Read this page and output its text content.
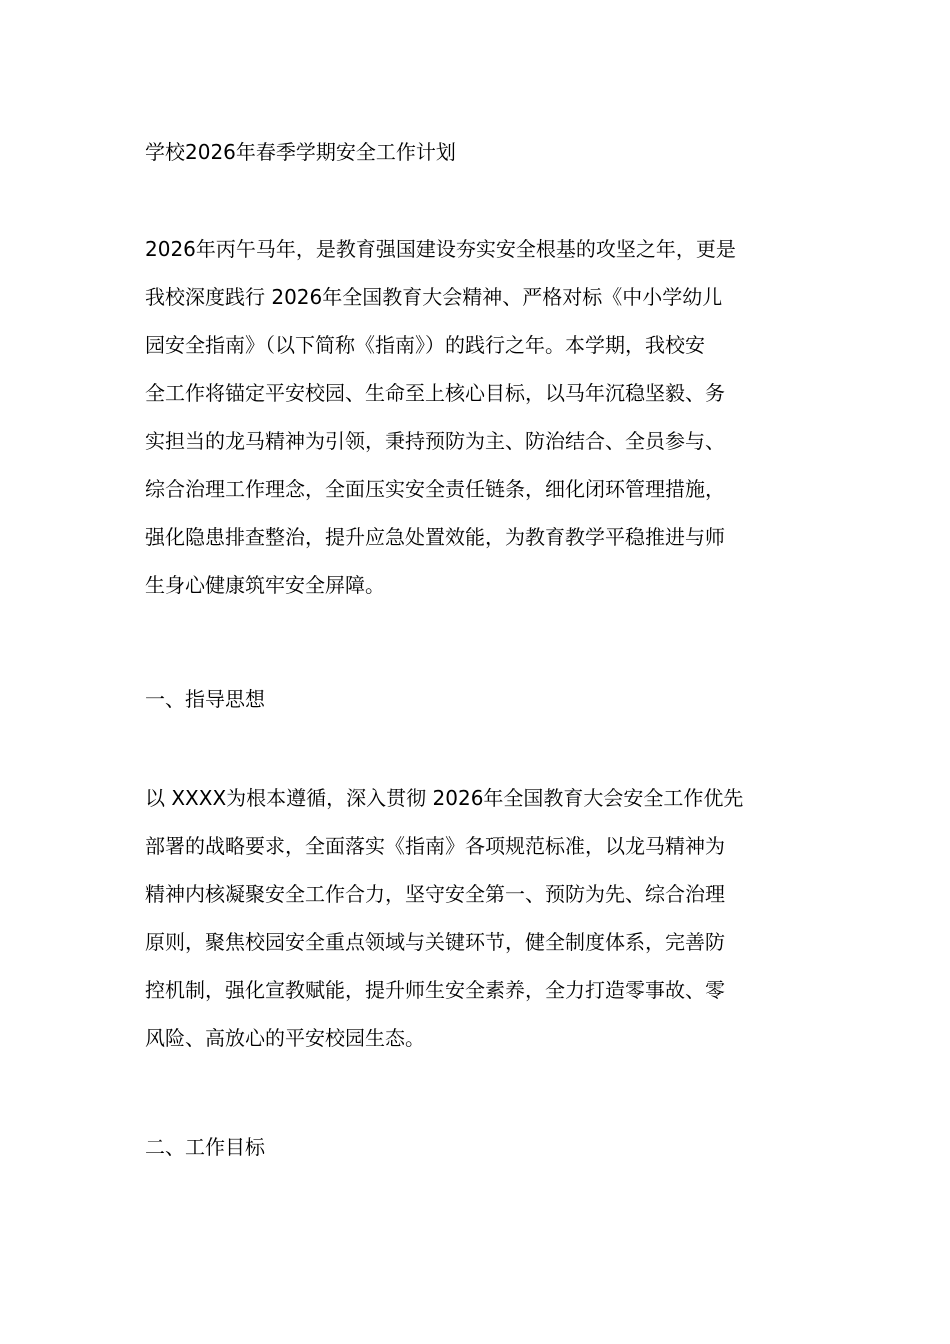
学校2026年春季学期安全工作计划
2026年丙午马年，是教育强国建设夯实安全根基的攻坚之年，更是
我校深度践行 2026年全国教育大会精神、严格对标《中小学幼儿
园安全指南》（以下简称《指南》）的践行之年。本学期，我校安
全工作将锚定平安校园、生命至上核心目标，以马年沉稳坚毅、务
实担当的龙马精神为引领，秉持预防为主、防治结合、全员参与、
综合治理工作理念，全面压实安全责任链条，细化闭环管理措施，
强化隐患排查整治，提升应急处置效能，为教育教学平稳推进与师
生身心健康筑牢安全屏障。
一、指导思想
以 XXXX为根本遵循，深入贯彻 2026年全国教育大会安全工作优先
部署的战略要求，全面落实《指南》各项规范标准，以龙马精神为
精神内核凝聚安全工作合力，坚守安全第一、预防为先、综合治理
原则，聚焦校园安全重点领域与关键环节，健全制度体系，完善防
控机制，强化宣教赋能，提升师生安全素养，全力打造零事故、零
风险、高放心的平安校园生态。
二、工作目标
